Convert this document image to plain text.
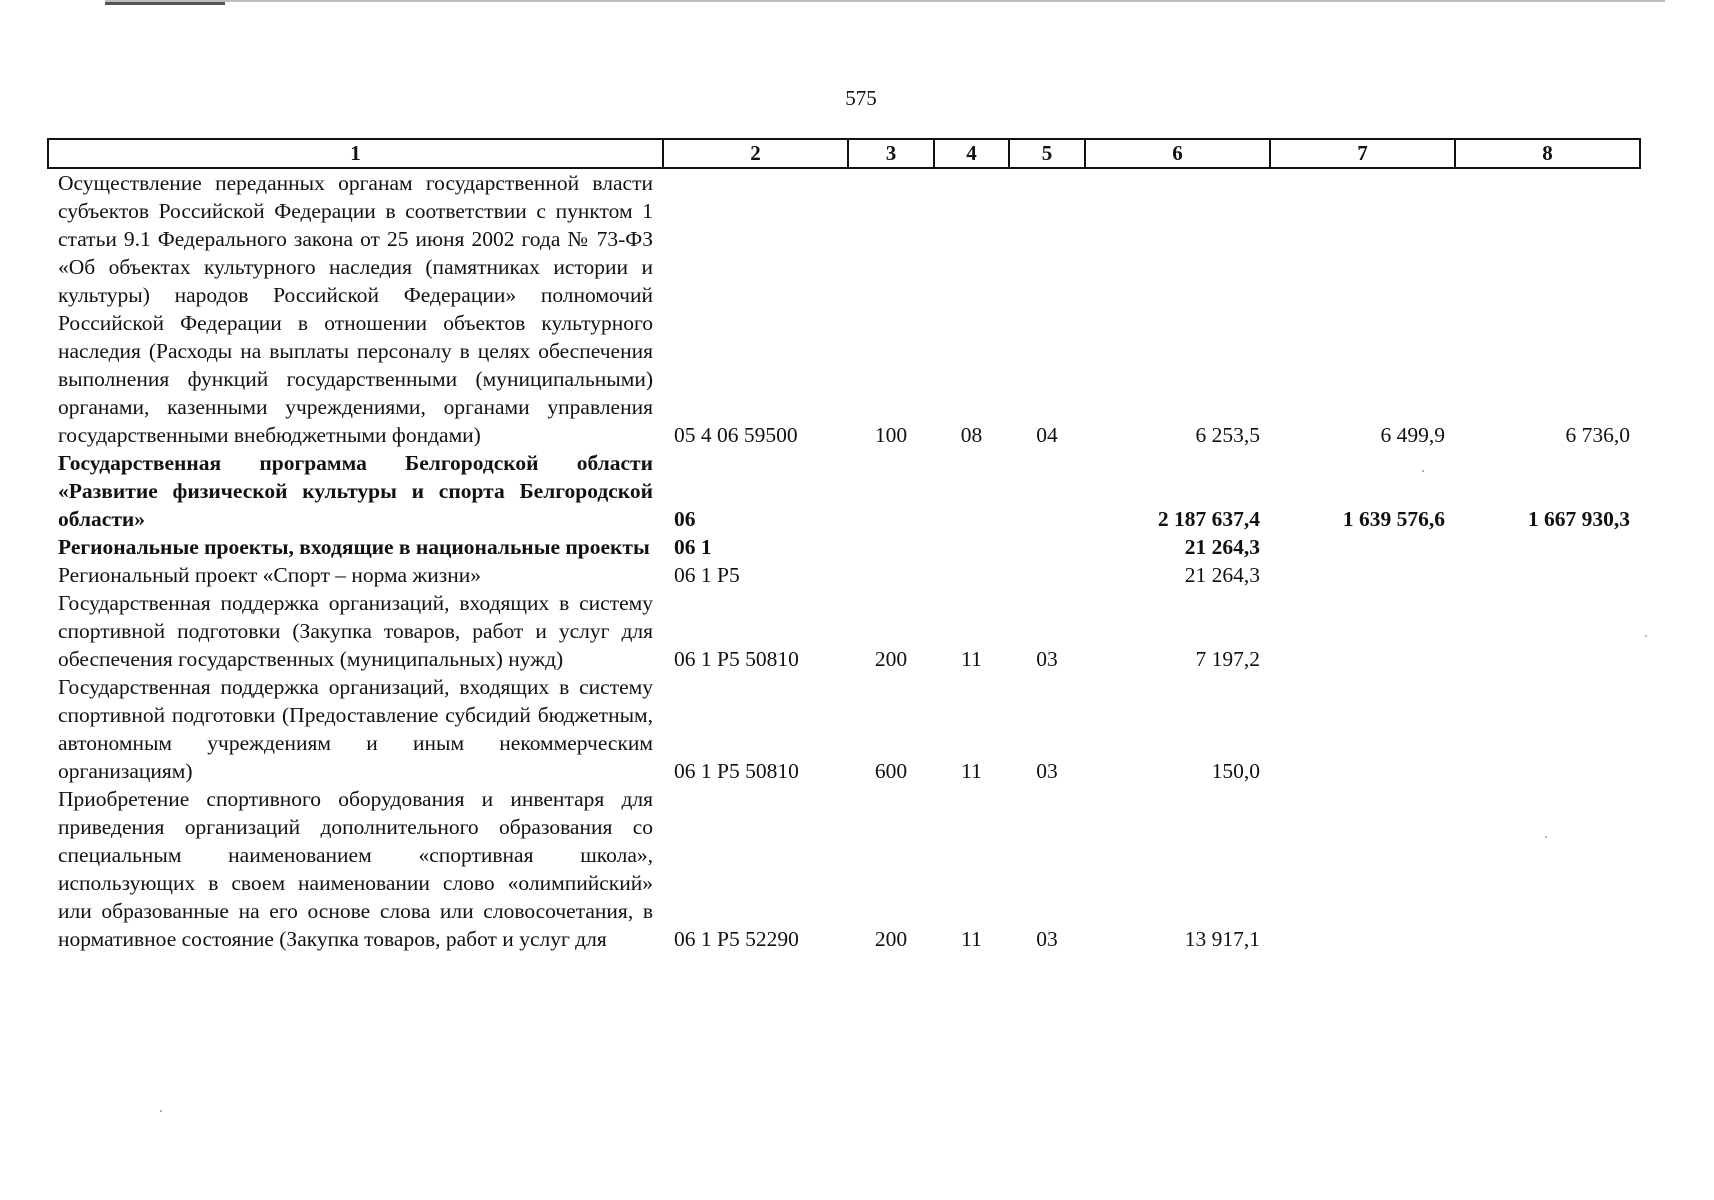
575
1	2	3	4	5	6	7	8
Осуществление переданных органам государственной власти субъектов Российской Федерации в соответствии с пунктом 1 статьи 9.1 Федерального закона от 25 июня 2002 года № 73-ФЗ «Об объектах культурного наследия (памятниках истории и культуры) народов Российской Федерации» полномочий Российской Федерации в отношении объектов культурного наследия (Расходы на выплаты персоналу в целях обеспечения выполнения функций государственными (муниципальными) органами, казенными учреждениями, органами управления государственными внебюджетными фондами)	05 4 06 59500	100	08	04	6 253,5	6 499,9	6 736,0
Государственная программа Белгородской области «Развитие физической культуры и спорта Белгородской области»	06				2 187 637,4	1 639 576,6	1 667 930,3
Региональные проекты, входящие в национальные проекты	06 1				21 264,3		
Региональный проект «Спорт – норма жизни»	06 1 P5				21 264,3		
Государственная поддержка организаций, входящих в систему спортивной подготовки (Закупка товаров, работ и услуг для обеспечения государственных (муниципальных) нужд)	06 1 P5 50810	200	11	03	7 197,2		
Государственная поддержка организаций, входящих в систему спортивной подготовки (Предоставление субсидий бюджетным, автономным учреждениям и иным некоммерческим организациям)	06 1 P5 50810	600	11	03	150,0		
Приобретение спортивного оборудования и инвентаря для приведения организаций дополнительного образования со специальным наименованием «спортивная школа», использующих в своем наименовании слово «олимпийский» или образованные на его основе слова или словосочетания, в нормативное состояние (Закупка товаров, работ и услуг для	06 1 P5 52290	200	11	03	13 917,1		
